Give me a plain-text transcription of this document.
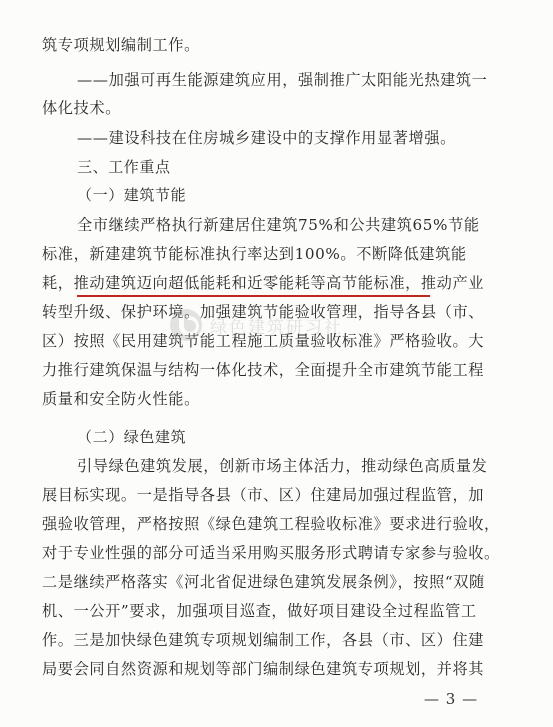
筑专项规划编制工作。
——加强可再生能源建筑应用，强制推广太阳能光热建筑一
体化技术。
——建设科技在住房城乡建设中的支撑作用显著增强。
三、工作重点
（一）建筑节能
全市继续严格执行新建居住建筑75%和公共建筑65%节能
标准，新建建筑节能标准执行率达到100%。不断降低建筑能
耗，推动建筑迈向超低能耗和近零能耗等高节能标准，推动产业
转型升级、保护环境。加强建筑节能验收管理，指导各县（市、
区）按照《民用建筑节能工程施工质量验收标准》严格验收。大
力推行建筑保温与结构一体化技术，全面提升全市建筑节能工程
质量和安全防火性能。
（二）绿色建筑
引导绿色建筑发展，创新市场主体活力，推动绿色高质量发
展目标实现。一是指导各县（市、区）住建局加强过程监管，加
强验收管理，严格按照《绿色建筑工程验收标准》要求进行验收，
对于专业性强的部分可适当采用购买服务形式聘请专家参与验收。
二是继续严格落实《河北省促进绿色建筑发展条例》，按照“双随
机、一公开”要求，加强项目巡查，做好项目建设全过程监管工
作。三是加快绿色建筑专项规划编制工作，各县（市、区）住建
局要会同自然资源和规划等部门编制绿色建筑专项规划，并将其
绿色建筑研习社
— 3 —
